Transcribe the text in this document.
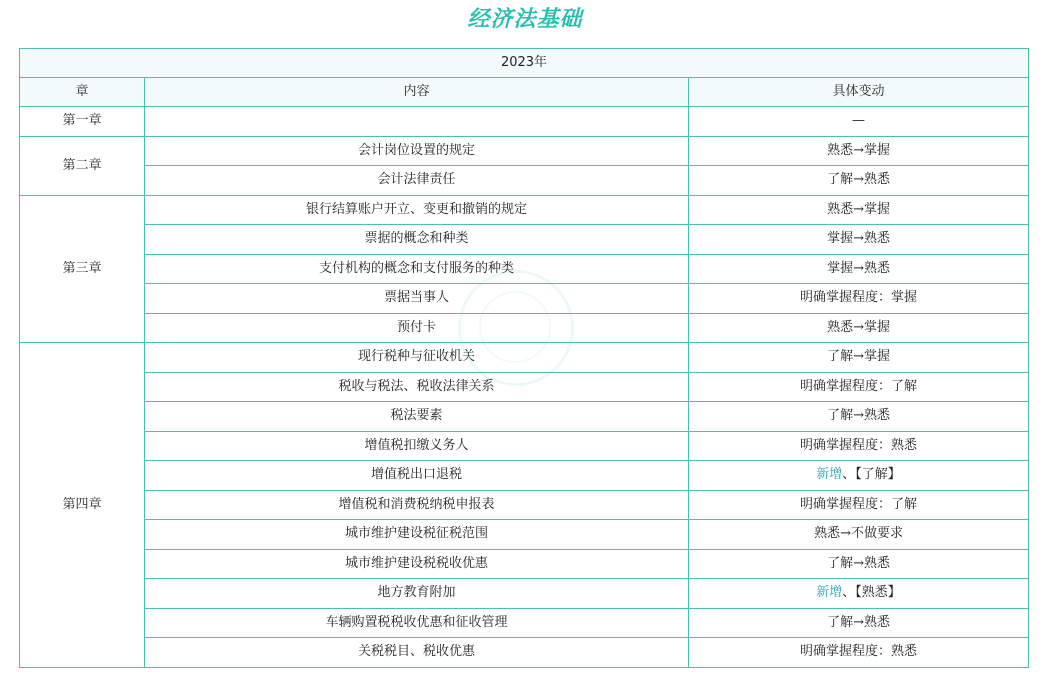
经济法基础
2023年		
章	内容	具体变动
第一章		—
第二章	会计岗位设置的规定	熟悉→掌握
	会计法律责任	了解→熟悉
第三章	银行结算账户开立、变更和撤销的规定	熟悉→掌握
	票据的概念和种类	掌握→熟悉
	支付机构的概念和支付服务的种类	掌握→熟悉
	票据当事人	明确掌握程度：掌握
	预付卡	熟悉→掌握
第四章	现行税种与征收机关	了解→掌握
	税收与税法、税收法律关系	明确掌握程度：了解
	税法要素	了解→熟悉
	增值税扣缴义务人	明确掌握程度：熟悉
	增值税出口退税	新增、【了解】
	增值税和消费税纳税申报表	明确掌握程度：了解
	城市维护建设税征税范围	熟悉→不做要求
	城市维护建设税税收优惠	了解→熟悉
	地方教育附加	新增、【熟悉】
	车辆购置税税收优惠和征收管理	了解→熟悉
	关税税目、税收优惠	明确掌握程度：熟悉
